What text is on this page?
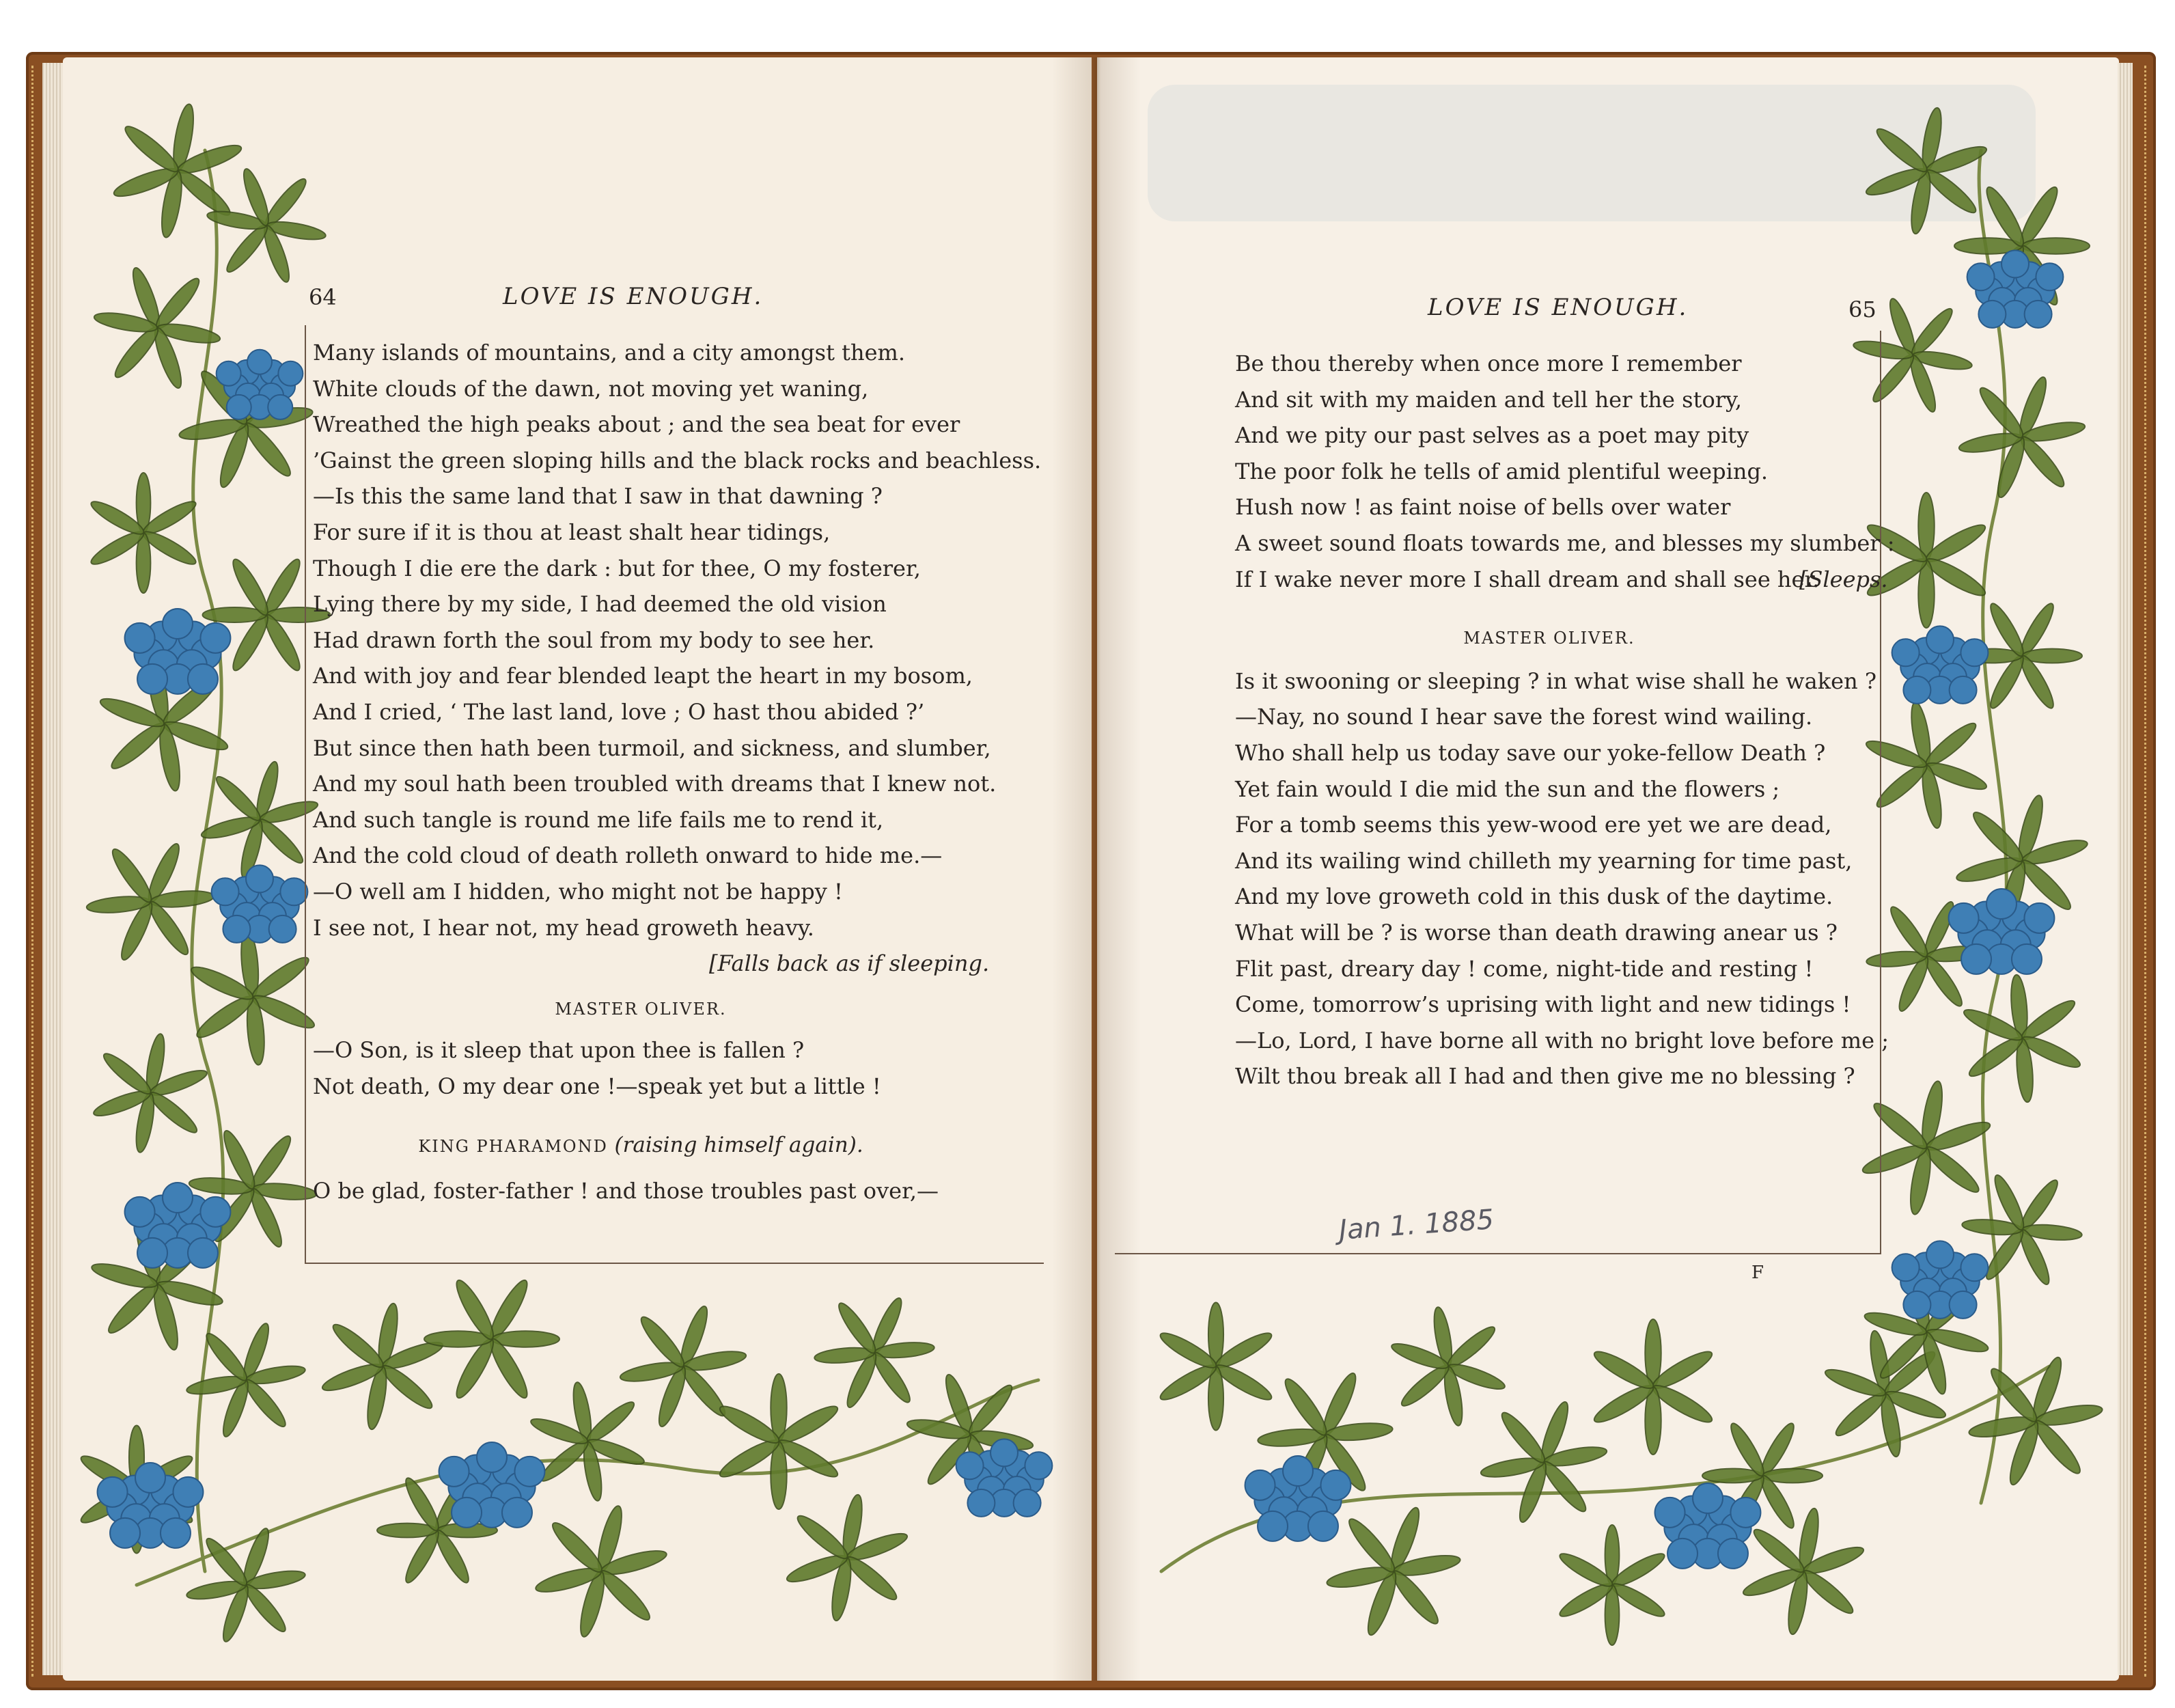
64	LOVE IS ENOUGH.
Many islands of mountains, and a city amongst them.
White clouds of the dawn, not moving yet waning,
Wreathed the high peaks about ; and the sea beat for ever
’Gainst the green sloping hills and the black rocks and beachless.
—Is this the same land that I saw in that dawning ?
For sure if it is thou at least shalt hear tidings,
Though I die ere the dark : but for thee, O my fosterer,
Lying there by my side, I had deemed the old vision
Had drawn forth the soul from my body to see her.
And with joy and fear blended leapt the heart in my bosom,
And I cried, ‘ The last land, love ; O hast thou abided ?’
But since then hath been turmoil, and sickness, and slumber,
And my soul hath been troubled with dreams that I knew not.
And such tangle is round me life fails me to rend it,
And the cold cloud of death rolleth onward to hide me.—
—O well am I hidden, who might not be happy !
I see not, I hear not, my head groweth heavy.
[Falls back as if sleeping.
MASTER OLIVER.
—O Son, is it sleep that upon thee is fallen ?
Not death, O my dear one !—speak yet but a little !
KING PHARAMOND (raising himself again).
O be glad, foster-father ! and those troubles past over,—
LOVE IS ENOUGH.	65
Be thou thereby when once more I remember
And sit with my maiden and tell her the story,
And we pity our past selves as a poet may pity
The poor folk he tells of amid plentiful weeping.
Hush now ! as faint noise of bells over water
A sweet sound floats towards me, and blesses my slumber :
If I wake never more I shall dream and shall see her.
[Sleeps.
MASTER OLIVER.
Is it swooning or sleeping ? in what wise shall he waken ?
—Nay, no sound I hear save the forest wind wailing.
Who shall help us today save our yoke-fellow Death ?
Yet fain would I die mid the sun and the flowers ;
For a tomb seems this yew-wood ere yet we are dead,
And its wailing wind chilleth my yearning for time past,
And my love groweth cold in this dusk of the daytime.
What will be ? is worse than death drawing anear us ?
Flit past, dreary day ! come, night-tide and resting !
Come, tomorrow’s uprising with light and new tidings !
—Lo, Lord, I have borne all with no bright love before me ;
Wilt thou break all I had and then give me no blessing ?
Jan 1. 1885
F
